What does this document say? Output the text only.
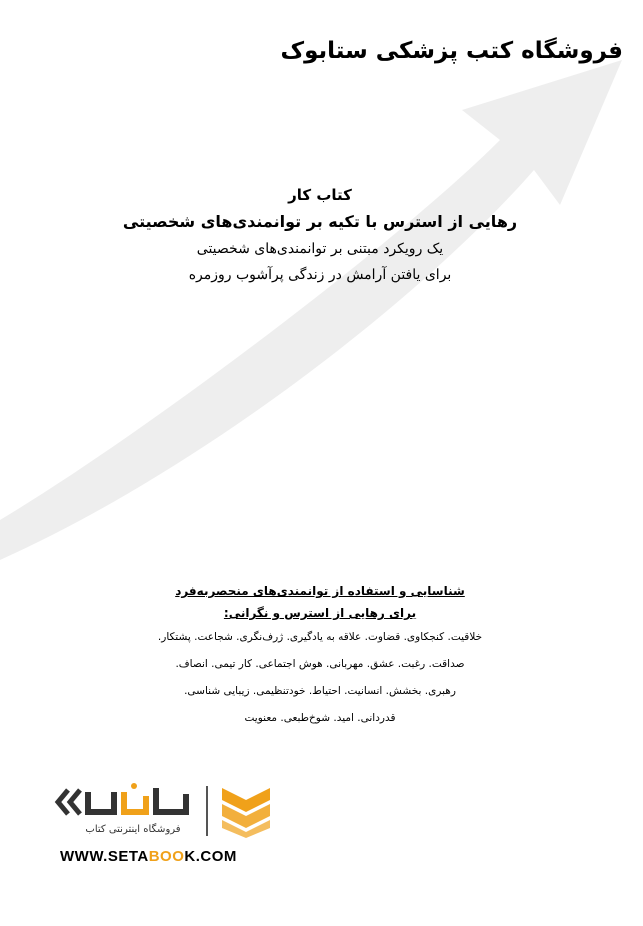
فروشگاه کتب پزشکی ستابوک
کتاب کار
رهایی از استرس با تکیه بر توانمندی‌های شخصیتی
یک رویکرد مبتنی بر توانمندی‌های شخصیتی
برای یافتن آرامش در زندگی پرآشوب روزمره
شناسایی و استفاده از توانمندی‌های منحصربه‌فرد
برای رهایی از استرس و نگرانی:
خلاقیت. کنجکاوی. قضاوت. علاقه به یادگیری. ژرف‌نگری. شجاعت. پشتکار.
صداقت. رغبت. عشق. مهربانی. هوش اجتماعی. کار تیمی. انصاف.
رهبری. بخشش. انسانیت. احتیاط. خودتنظیمی. زیبایی شناسی.
قدردانی. امید. شوخ‌طبعی. معنویت
فروشگاه اینترنتی کتاب
WWW.SETABOOK.COM
